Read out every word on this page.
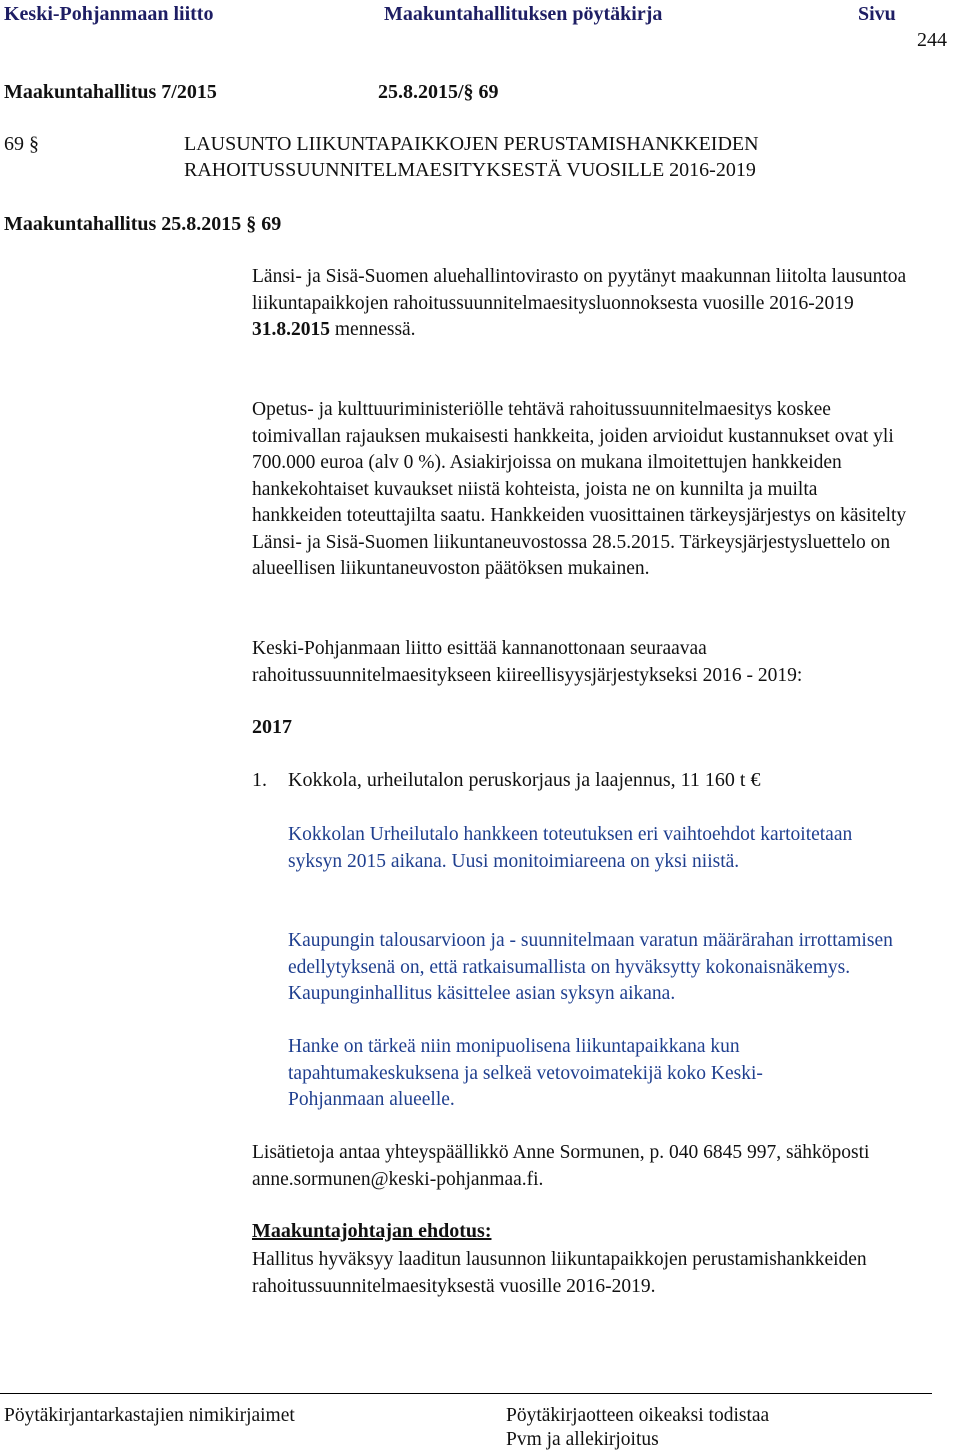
Keski-Pohjanmaan liitto	Maakuntahallituksen pöytäkirja	Sivu
244
Maakuntahallitus 7/2015	25.8.2015/§ 69
69 §	LAUSUNTO LIIKUNTAPAIKKOJEN PERUSTAMISHANKKEIDEN
RAHOITUSSUUNNITELMAESITYKSESTÄ VUOSILLE 2016-2019
Maakuntahallitus 25.8.2015 § 69
Länsi- ja Sisä-Suomen aluehallintovirasto on pyytänyt maakunnan liitolta lausuntoa liikuntapaikkojen rahoitussuunnitelmaesitysluonnoksesta vuosille 2016-2019 31.8.2015 mennessä.
Opetus- ja kulttuuriministeriölle tehtävä rahoitussuunnitelmaesitys koskee toimivallan rajauksen mukaisesti hankkeita, joiden arvioidut kustannukset ovat yli 700.000 euroa (alv 0 %). Asiakirjoissa on mukana ilmoitettujen hankkeiden hankekohtaiset kuvaukset niistä kohteista, joista ne on kunnilta ja muilta hankkeiden toteuttajilta saatu. Hankkeiden vuosittainen tärkeysjärjestys on käsitelty Länsi- ja Sisä-Suomen liikuntaneuvostossa 28.5.2015. Tärkeysjärjestysluettelo on alueellisen liikuntaneuvoston päätöksen mukainen.
Keski-Pohjanmaan liitto esittää kannanottonaan seuraavaa rahoitussuunnitelmaesitykseen kiireellisyysjärjestykseksi 2016 - 2019:
2017
1. Kokkola, urheilutalon peruskorjaus ja laajennus, 11 160 t €
Kokkolan Urheilutalo hankkeen toteutuksen eri vaihtoehdot kartoitetaan syksyn 2015 aikana. Uusi monitoimiareena on yksi niistä.
Kaupungin talousarvioon ja - suunnitelmaan varatun määrärahan irrottamisen edellytyksenä on, että ratkaisumallista on hyväksytty kokonaisnäkemys. Kaupunginhallitus käsittelee asian syksyn aikana.
Hanke on tärkeä niin monipuolisena liikuntapaikkana kun tapahtumakeskuksena ja selkeä vetovoimatekijä koko Keski-Pohjanmaan alueelle.
Lisätietoja antaa yhteyspäällikkö Anne Sormunen, p. 040 6845 997, sähköposti anne.sormunen@keski-pohjanmaa.fi.
Maakuntajohtajan ehdotus:
Hallitus hyväksyy laaditun lausunnon liikuntapaikkojen perustamishankkeiden rahoitussuunnitelmaesityksestä vuosille 2016-2019.
Pöytäkirjantarkastajien nimikirjaimet	Pöytäkirjaotteen oikeaksi todistaa
Pvm ja allekirjoitus
